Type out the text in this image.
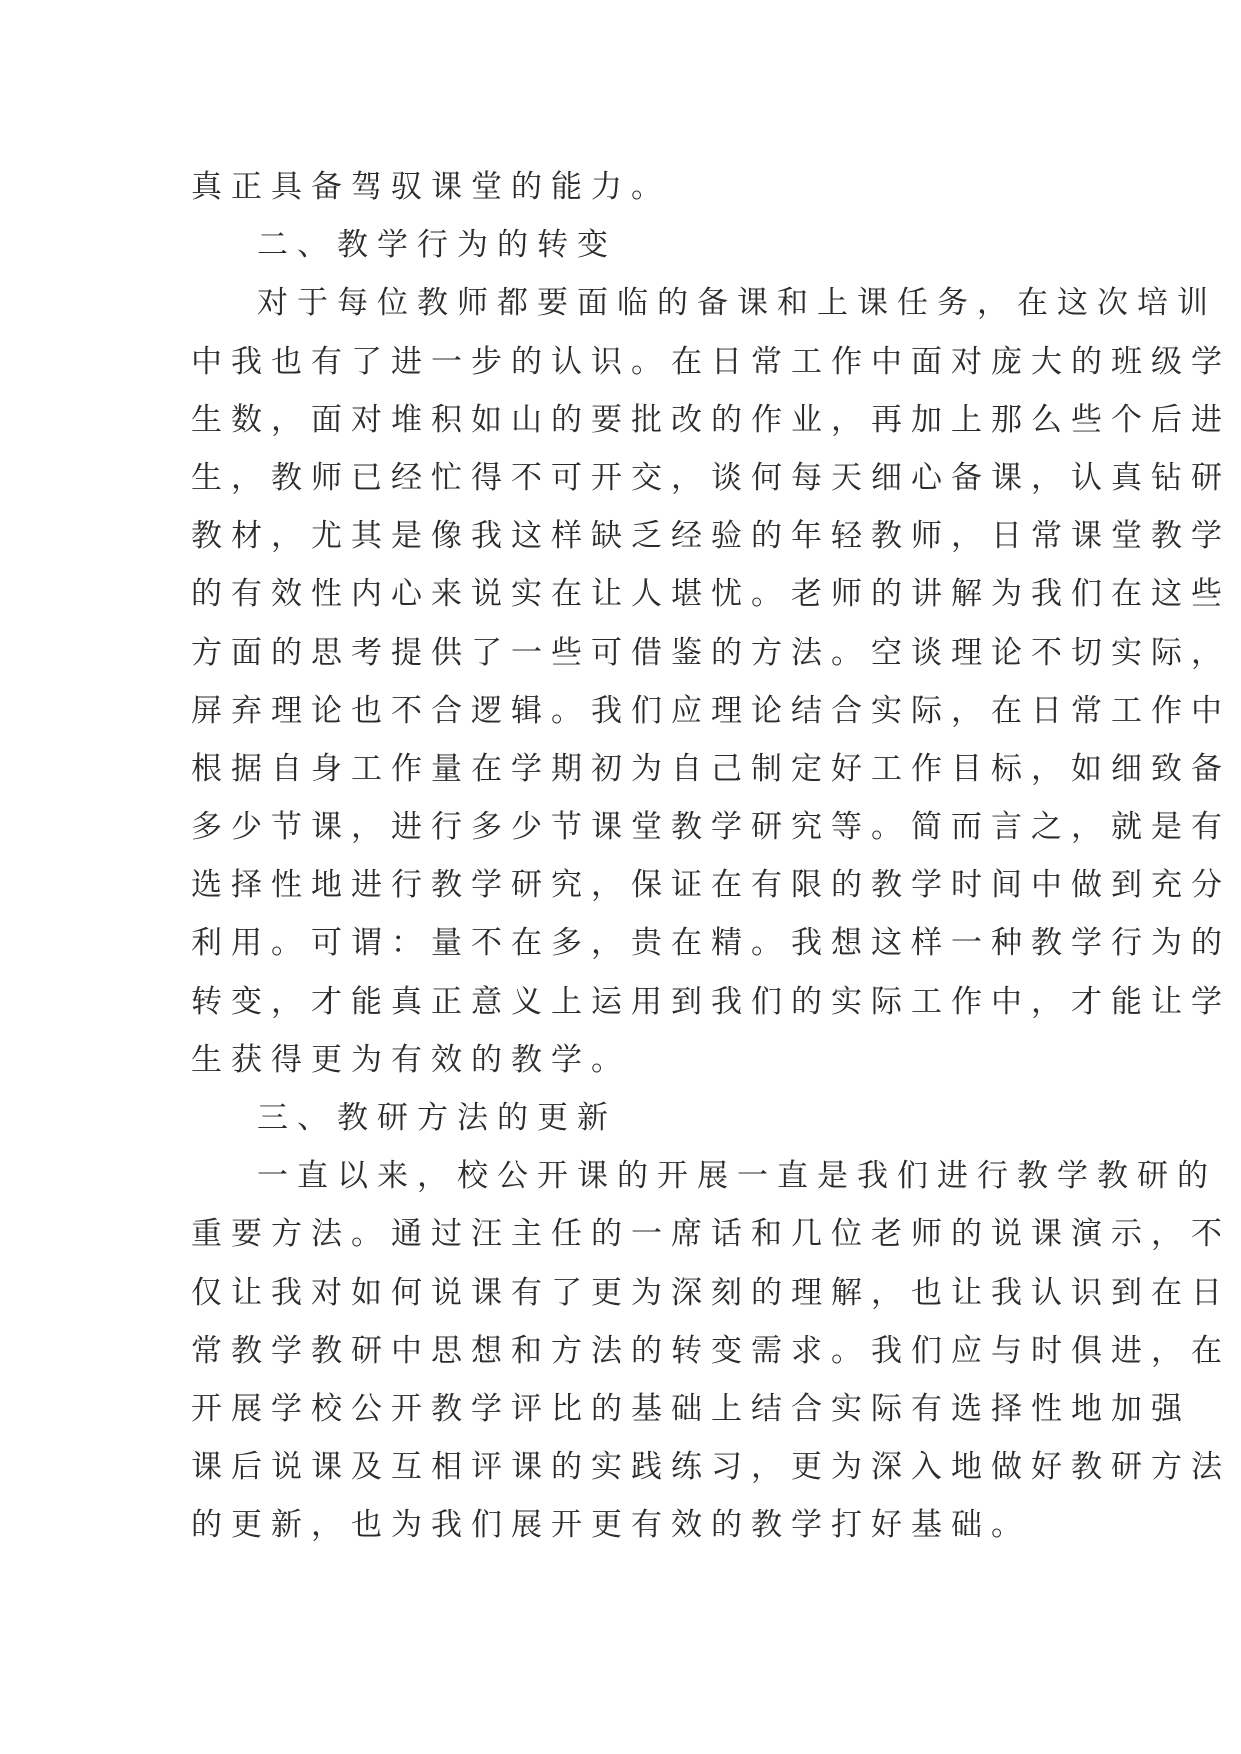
真正具备驾驭课堂的能力。
二、教学行为的转变
对于每位教师都要面临的备课和上课任务，在这次培训
中我也有了进一步的认识。在日常工作中面对庞大的班级学
生数，面对堆积如山的要批改的作业，再加上那么些个后进
生，教师已经忙得不可开交，谈何每天细心备课，认真钻研
教材，尤其是像我这样缺乏经验的年轻教师，日常课堂教学
的有效性内心来说实在让人堪忧。老师的讲解为我们在这些
方面的思考提供了一些可借鉴的方法。空谈理论不切实际，
屏弃理论也不合逻辑。我们应理论结合实际，在日常工作中
根据自身工作量在学期初为自己制定好工作目标，如细致备
多少节课，进行多少节课堂教学研究等。简而言之，就是有
选择性地进行教学研究，保证在有限的教学时间中做到充分
利用。可谓：量不在多，贵在精。我想这样一种教学行为的
转变，才能真正意义上运用到我们的实际工作中，才能让学
生获得更为有效的教学。
三、教研方法的更新
一直以来，校公开课的开展一直是我们进行教学教研的
重要方法。通过汪主任的一席话和几位老师的说课演示，不
仅让我对如何说课有了更为深刻的理解，也让我认识到在日
常教学教研中思想和方法的转变需求。我们应与时俱进，在
开展学校公开教学评比的基础上结合实际有选择性地加强
课后说课及互相评课的实践练习，更为深入地做好教研方法
的更新，也为我们展开更有效的教学打好基础。
